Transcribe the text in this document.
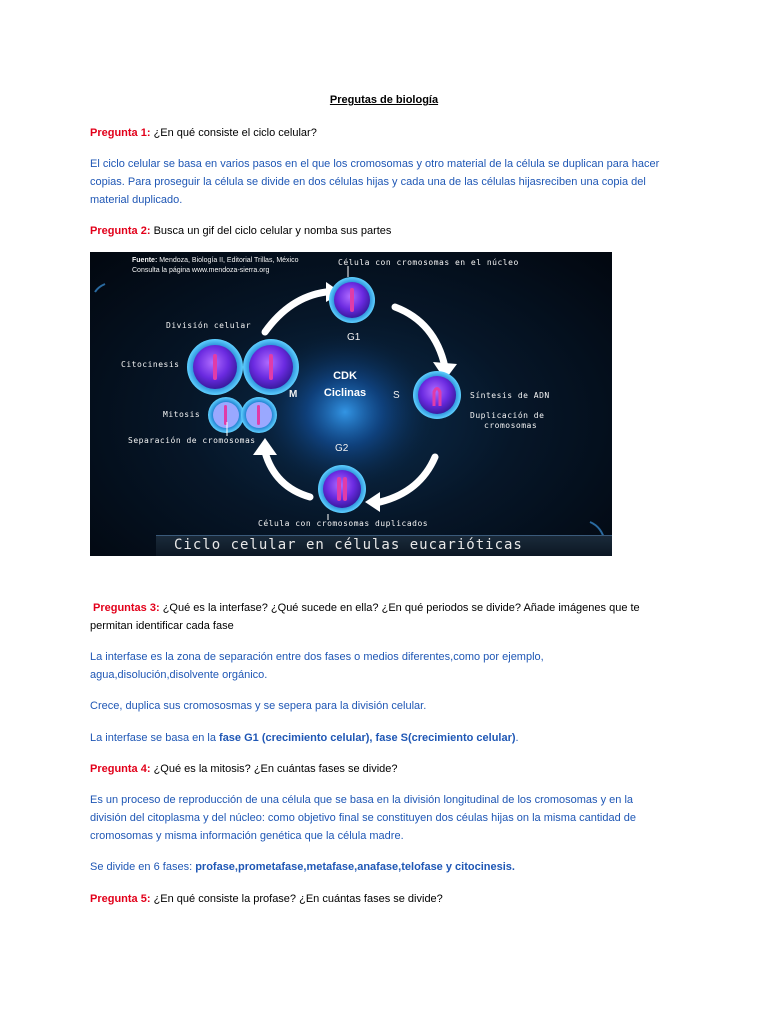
Pregutas de biología
Pregunta 1: ¿En qué consiste el ciclo celular?
El ciclo celular se basa en varios pasos en el que los cromosomas y otro material de la célula se duplican para hacer
copias. Para proseguir la célula se divide en dos células hijas y cada una de las células hijasreciben una copia del
material duplicado.
Pregunta 2: Busca un gif del ciclo celular y nomba sus partes
Fuente: Mendoza, Biología II, Editorial Trillas, México
Consulta la página www.mendoza-sierra.org
Célula con cromosomas en el núcleo
G1
S
G2
M
División celular
Citocinesis
Mitosis
Separación de cromosomas
Síntesis de ADN
Duplicación de
cromosomas
Célula con cromosomas duplicados
CDK
Ciclinas
Ciclo celular en células eucarióticas
Preguntas 3: ¿Qué es la interfase? ¿Qué sucede en ella? ¿En qué periodos se divide? Añade imágenes que te
permitan identificar cada fase
La interfase es la zona de separación entre dos fases o medios diferentes,como por ejemplo,
agua,disolución,disolvente orgánico.
Crece, duplica sus cromososmas y se sepera para la división celular.
La interfase se basa en la fase G1 (crecimiento celular), fase S(crecimiento celular).
Pregunta 4: ¿Qué es la mitosis? ¿En cuántas fases se divide?
Es un proceso de reproducción de una célula que se basa en la división longitudinal de los cromosomas y en la
división del citoplasma y del núcleo: como objetivo final se constituyen dos céulas hijas on la misma cantidad de
cromosomas y misma información genética que la célula madre.
Se divide en 6 fases: profase,prometafase,metafase,anafase,telofase y citocinesis.
Pregunta 5: ¿En qué consiste la profase? ¿En cuántas fases se divide?
